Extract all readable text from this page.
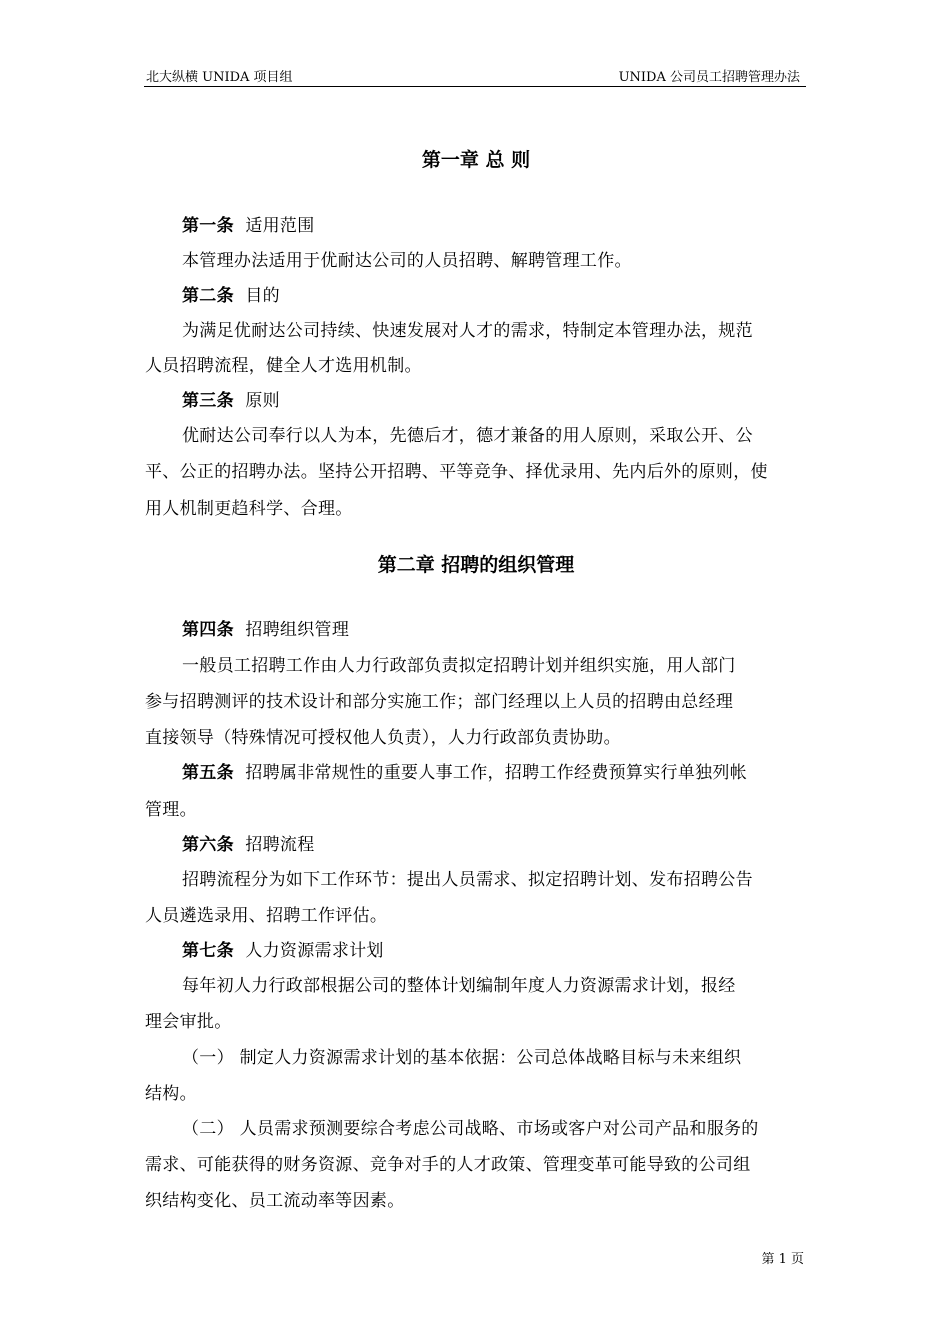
北大纵横 UNIDA 项目组	UNIDA 公司员工招聘管理办法
第一章 总 则
第一条 适用范围
本管理办法适用于优耐达公司的人员招聘、解聘管理工作。
第二条 目的
为满足优耐达公司持续、快速发展对人才的需求，特制定本管理办法，规范
人员招聘流程，健全人才选用机制。
第三条 原则
优耐达公司奉行以人为本，先德后才，德才兼备的用人原则，采取公开、公
平、公正的招聘办法。坚持公开招聘、平等竞争、择优录用、先内后外的原则，使
用人机制更趋科学、合理。
第二章 招聘的组织管理
第四条 招聘组织管理
一般员工招聘工作由人力行政部负责拟定招聘计划并组织实施，用人部门
参与招聘测评的技术设计和部分实施工作；部门经理以上人员的招聘由总经理
直接领导（特殊情况可授权他人负责），人力行政部负责协助。
第五条 招聘属非常规性的重要人事工作，招聘工作经费预算实行单独列帐
管理。
第六条 招聘流程
招聘流程分为如下工作环节：提出人员需求、拟定招聘计划、发布招聘公告
人员遴选录用、招聘工作评估。
第七条 人力资源需求计划
每年初人力行政部根据公司的整体计划编制年度人力资源需求计划，报经
理会审批。
（一） 制定人力资源需求计划的基本依据：公司总体战略目标与未来组织
结构。
（二） 人员需求预测要综合考虑公司战略、市场或客户对公司产品和服务的
需求、可能获得的财务资源、竞争对手的人才政策、管理变革可能导致的公司组
织结构变化、员工流动率等因素。
第 1 页
